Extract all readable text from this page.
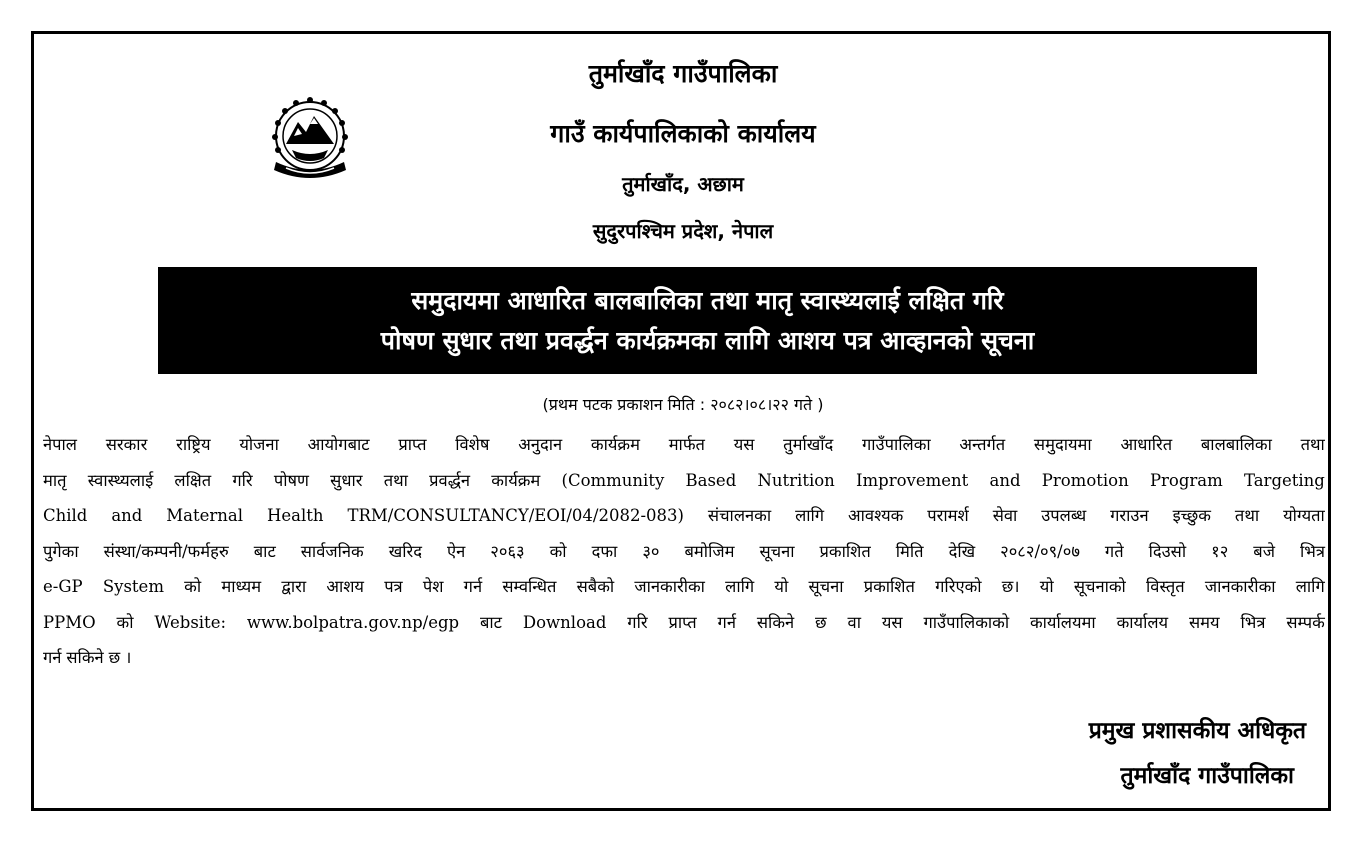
तुर्माखाँद गाउँपालिका
गाउँ कार्यपालिकाको कार्यालय
तुर्माखाँद, अछाम
सुदुरपश्चिम प्रदेश, नेपाल
समुदायमा आधारित बालबालिका तथा मातृ स्वास्थ्यलाई लक्षित गरि
पोषण सुधार तथा प्रवर्द्धन कार्यक्रमका लागि आशय पत्र आव्हानको सूचना
(प्रथम पटक प्रकाशन मिति : २०८२।०८।२२ गते )
नेपाल सरकार राष्ट्रिय योजना आयोगबाट प्राप्त विशेष अनुदान कार्यक्रम मार्फत यस तुर्माखाँद गाउँपालिका अन्तर्गत समुदायमा आधारित बालबालिका तथा
मातृ स्वास्थ्यलाई लक्षित गरि पोषण सुधार तथा प्रवर्द्धन कार्यक्रम (Community Based Nutrition Improvement and Promotion Program Targeting
Child and Maternal Health TRM/CONSULTANCY/EOI/04/2082-083) संचालनका लागि आवश्यक परामर्श सेवा उपलब्ध गराउन इच्छुक तथा योग्यता
पुगेका संस्था/कम्पनी/फर्महरु बाट सार्वजनिक खरिद ऐन २०६३ को दफा ३० बमोजिम सूचना प्रकाशित मिति देखि २०८२/०९/०७ गते दिउसो १२ बजे भित्र
e-GP System को माध्यम द्वारा आशय पत्र पेश गर्न सम्वन्धित सबैको जानकारीका लागि यो सूचना प्रकाशित गरिएको छ। यो सूचनाको विस्तृत जानकारीका लागि
PPMO को Website: www.bolpatra.gov.np/egp बाट Download गरि प्राप्त गर्न सकिने छ वा यस गाउँपालिकाको कार्यालयमा कार्यालय समय भित्र सम्पर्क
गर्न सकिने छ ।
प्रमुख प्रशासकीय अधिकृत
तुर्माखाँद गाउँपालिका
